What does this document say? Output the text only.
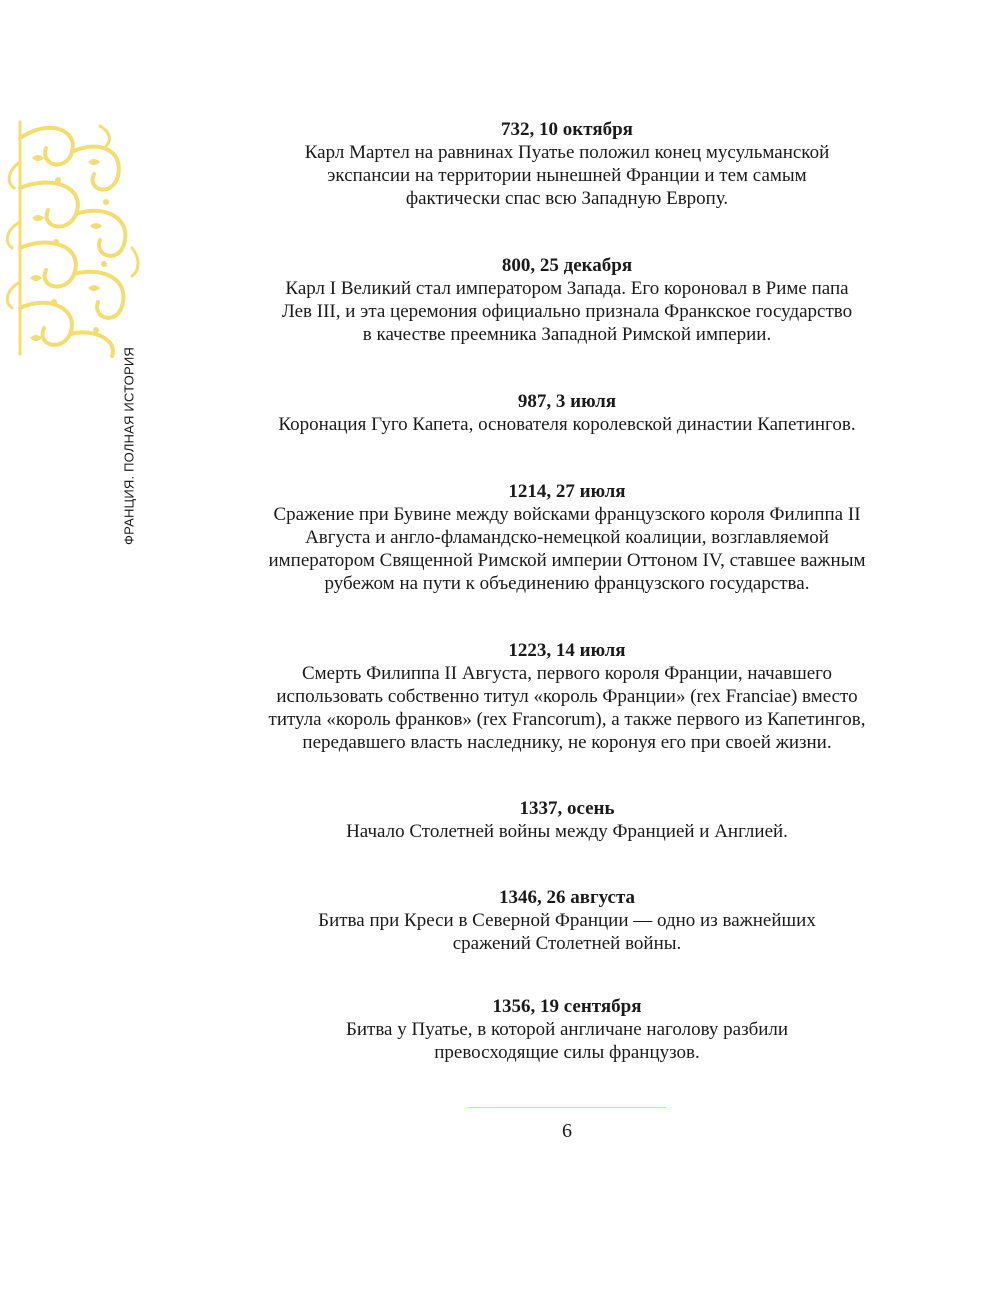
ФРАНЦИЯ. ПОЛНАЯ ИСТОРИЯ
732, 10 октября
Карл Мартел на равнинах Пуатье положил конец мусульманской
экспансии на территории нынешней Франции и тем самым
фактически спас всю Западную Европу.
800, 25 декабря
Карл I Великий стал императором Запада. Его короновал в Риме папа
Лев III, и эта церемония официально признала Франкское государство
в качестве преемника Западной Римской империи.
987, 3 июля
Коронация Гуго Капета, основателя королевской династии Капетингов.
1214, 27 июля
Сражение при Бувине между войсками французского короля Филиппа II
Августа и англо-фламандско-немецкой коалиции, возглавляемой
императором Священной Римской империи Оттоном IV, ставшее важным
рубежом на пути к объединению французского государства.
1223, 14 июля
Смерть Филиппа II Августа, первого короля Франции, начавшего
использовать собственно титул «король Франции» (rex Franciae) вместо
титула «король франков» (rex Francorum), а также первого из Капетингов,
передавшего власть наследнику, не коронуя его при своей жизни.
1337, осень
Начало Столетней войны между Францией и Англией.
1346, 26 августа
Битва при Креси в Северной Франции — одно из важнейших
сражений Столетней войны.
1356, 19 сентября
Битва у Пуатье, в которой англичане наголову разбили
превосходящие силы французов.
6
